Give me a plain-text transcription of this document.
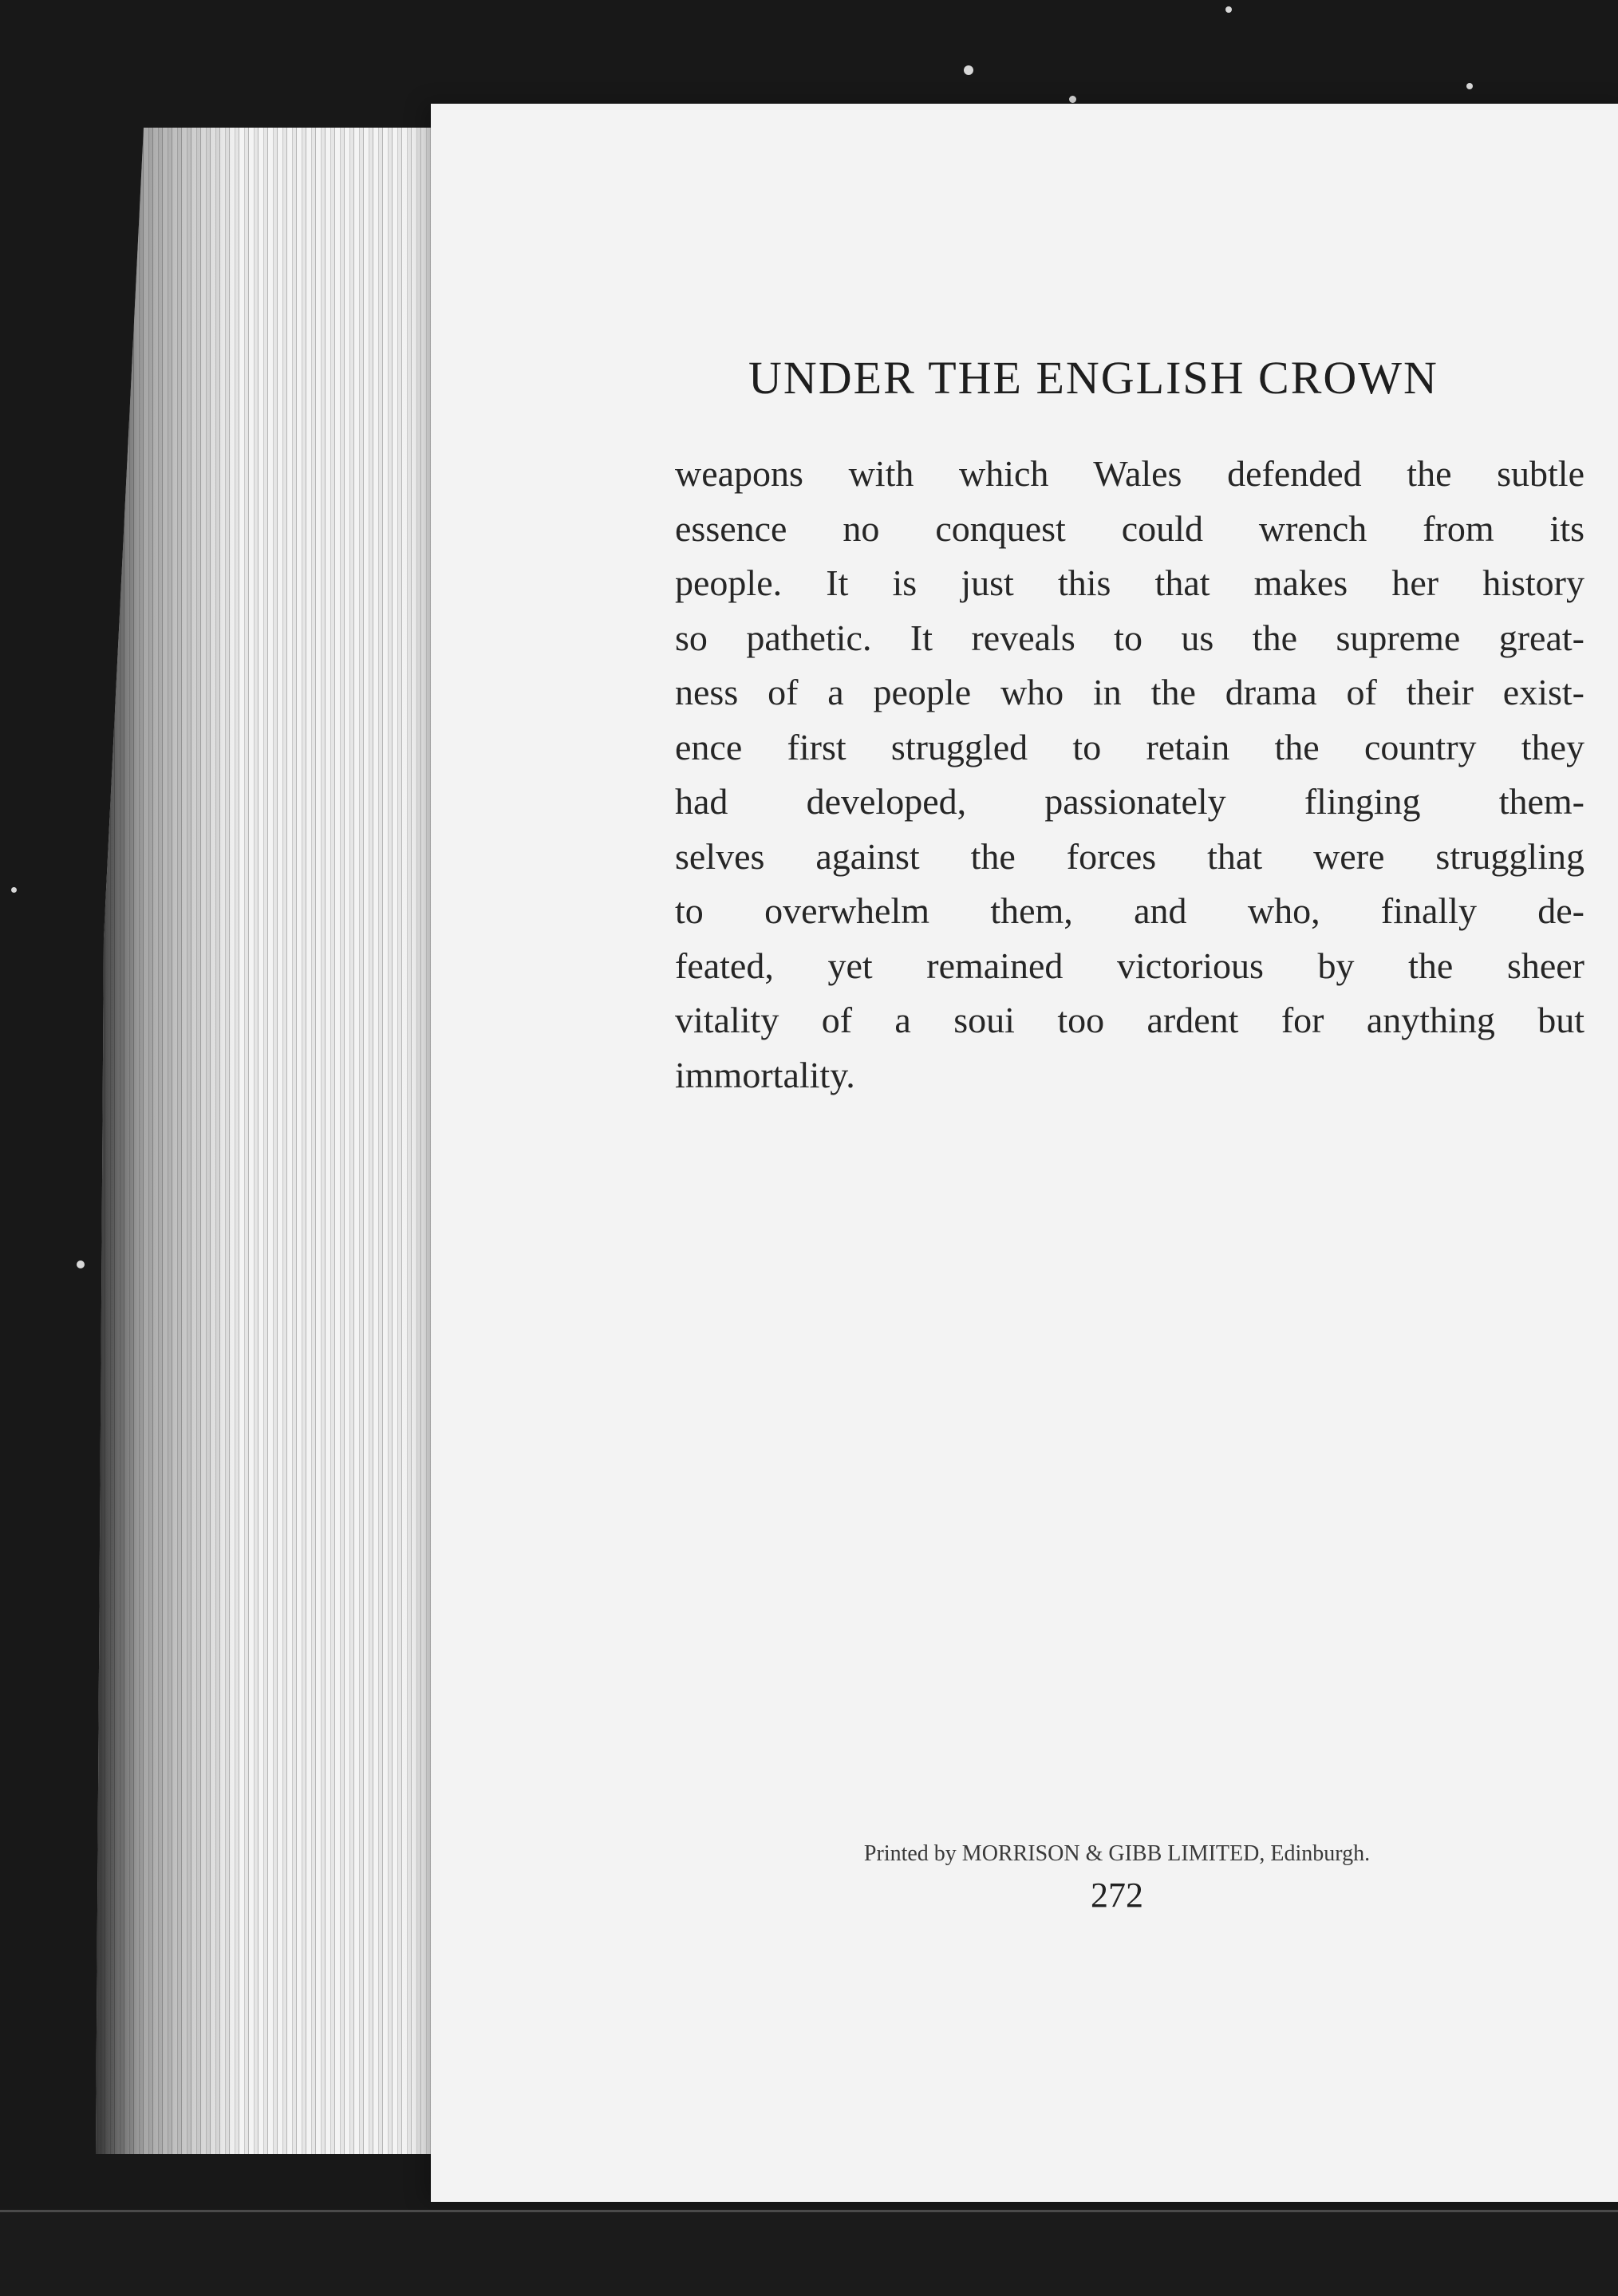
UNDER THE ENGLISH CROWN
weapons with which Wales defended the subtle
essence no conquest could wrench from its
people. It is just this that makes her history
so pathetic. It reveals to us the supreme great-
ness of a people who in the drama of their exist-
ence first struggled to retain the country they
had developed, passionately flinging them-
selves against the forces that were struggling
to overwhelm them, and who, finally de-
feated, yet remained victorious by the sheer
vitality of a soui too ardent for anything but
immortality.
Printed by MORRISON & GIBB LIMITED, Edinburgh.
272
